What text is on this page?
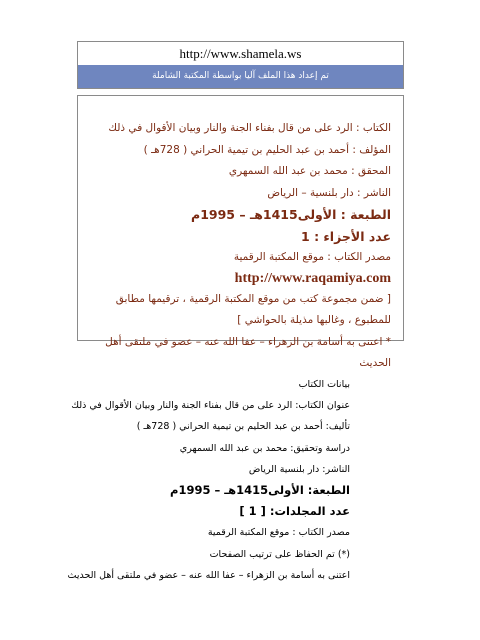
http://www.shamela.ws
تم إعداد هذا الملف آليا بواسطة المكتبة الشاملة

الكتاب : الرد على من قال بفناء الجنة والنار وبيان الأقوال في ذلك

المؤلف : أحمد بن عبد الحليم بن تيمية الحراني ( 728هـ )

المحقق : محمد بن عبد الله السمهري

الناشر : دار بلنسية – الرياض

الطبعة : الأولى1415هـ – 1995م

عدد الأجزاء : 1

مصدر الكتاب : موقع المكتبة الرقمية

http://www.raqamiya.com

[ ضمن مجموعة كتب من موقع المكتبة الرقمية ، ترقيمها مطابق للمطبوع ، وغالبها مذيلة بالحواشي ]

* اعتنى به أسامة بن الزهراء – عفا الله عنه – عضو في ملتقى أهل الحديث

بيانات الكتاب

عنوان الكتاب: الرد على من قال بفناء الجنة والنار وبيان الأقوال في ذلك

تأليف: أحمد بن عبد الحليم بن تيمية الحراني ( 728هـ )

دراسة وتحقيق: محمد بن عبد الله السمهري

الناشر: دار بلنسية الرياض

الطبعة: الأولى1415هـ – 1995م

عدد المجلدات: [ 1 ]

مصدر الكتاب : موقع المكتبة الرقمية

(*) تم الحفاظ على ترتيب الصفحات

اعتنى به أسامة بن الزهراء – عفا الله عنه – عضو في ملتقى أهل الحديث
